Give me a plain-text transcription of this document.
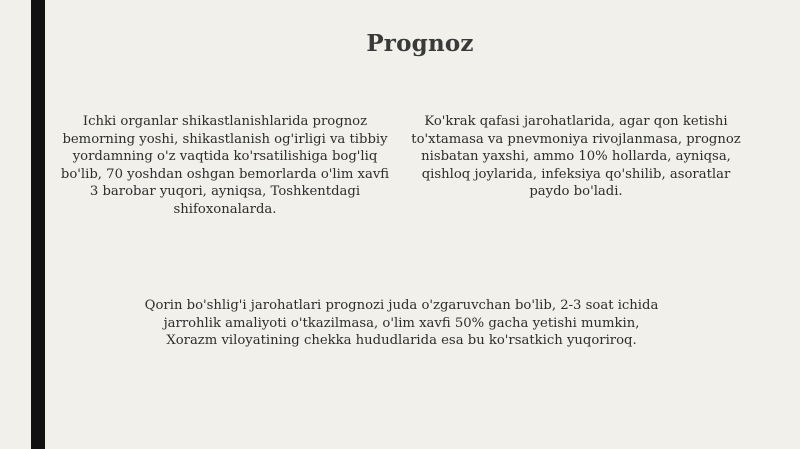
Prognoz
Ichki organlar shikastlanishlarida prognoz bemorning yoshi, shikastlanish og'irligi va tibbiy yordamning o'z vaqtida ko'rsatilishiga bog'liq bo'lib, 70 yoshdan oshgan bemorlarda o'lim xavfi 3 barobar yuqori, ayniqsa, Toshkentdagi shifoxonalarda.
Ko'krak qafasi jarohatlarida, agar qon ketishi to'xtamasa va pnevmoniya rivojlanmasa, prognoz nisbatan yaxshi, ammo 10% hollarda, ayniqsa, qishloq joylarida, infeksiya qo'shilib, asoratlar paydo bo'ladi.
Qorin bo'shlig'i jarohatlari prognozi juda o'zgaruvchan bo'lib, 2-3 soat ichida jarrohlik amaliyoti o'tkazilmasa, o'lim xavfi 50% gacha yetishi mumkin, Xorazm viloyatining chekka hududlarida esa bu ko'rsatkich yuqoriroq.
